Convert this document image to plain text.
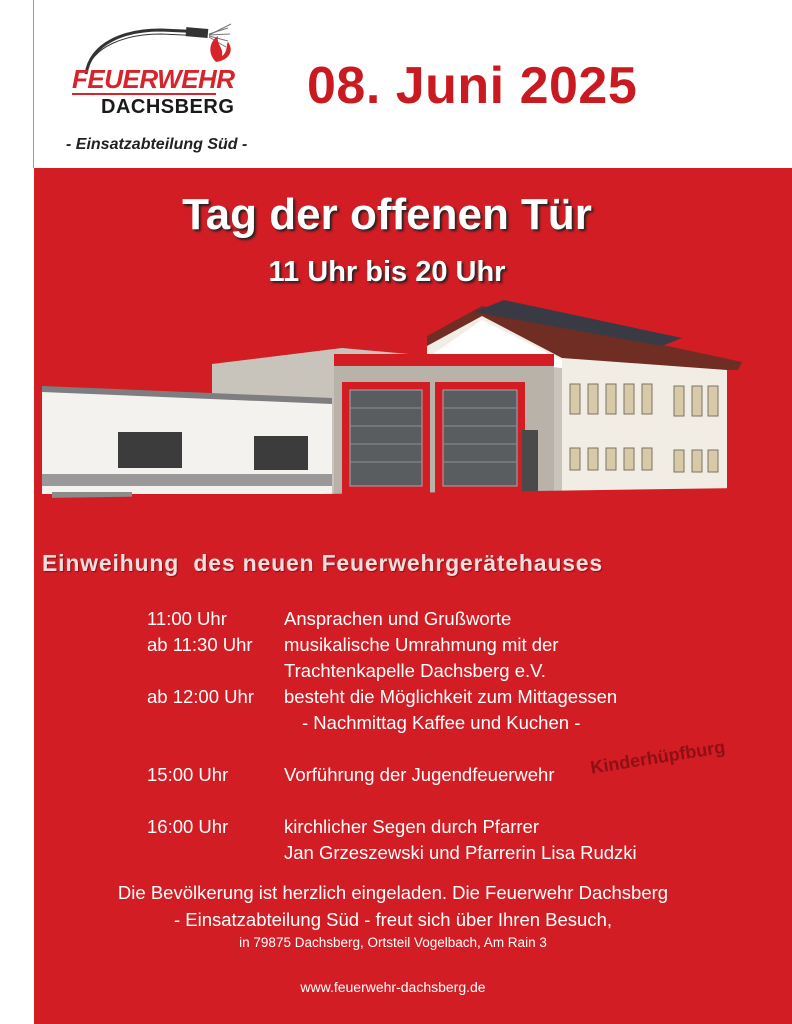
FEUERWEHR
DACHSBERG
- Einsatzabteilung Süd -
08. Juni 2025
Tag der offenen Tür
11 Uhr bis 20 Uhr
Einweihung  des neuen Feuerwehrgerätehauses
11:00 Uhr	Ansprachen und Grußworte
ab 11:30 Uhr musikalische Umrahmung mit der
Trachtenkapelle Dachsberg e.V.
ab 12:00 Uhr besteht die Möglichkeit zum Mittagessen
- Nachmittag Kaffee und Kuchen -
15:00 Uhr	Vorführung der Jugendfeuerwehr
16:00 Uhr	kirchlicher Segen durch Pfarrer
Jan Grzeszewski und Pfarrerin Lisa Rudzki
Kinderhüpfburg
Die Bevölkerung ist herzlich eingeladen. Die Feuerwehr Dachsberg
- Einsatzabteilung Süd - freut sich über Ihren Besuch,
in 79875 Dachsberg, Ortsteil Vogelbach, Am Rain 3
www.feuerwehr-dachsberg.de
